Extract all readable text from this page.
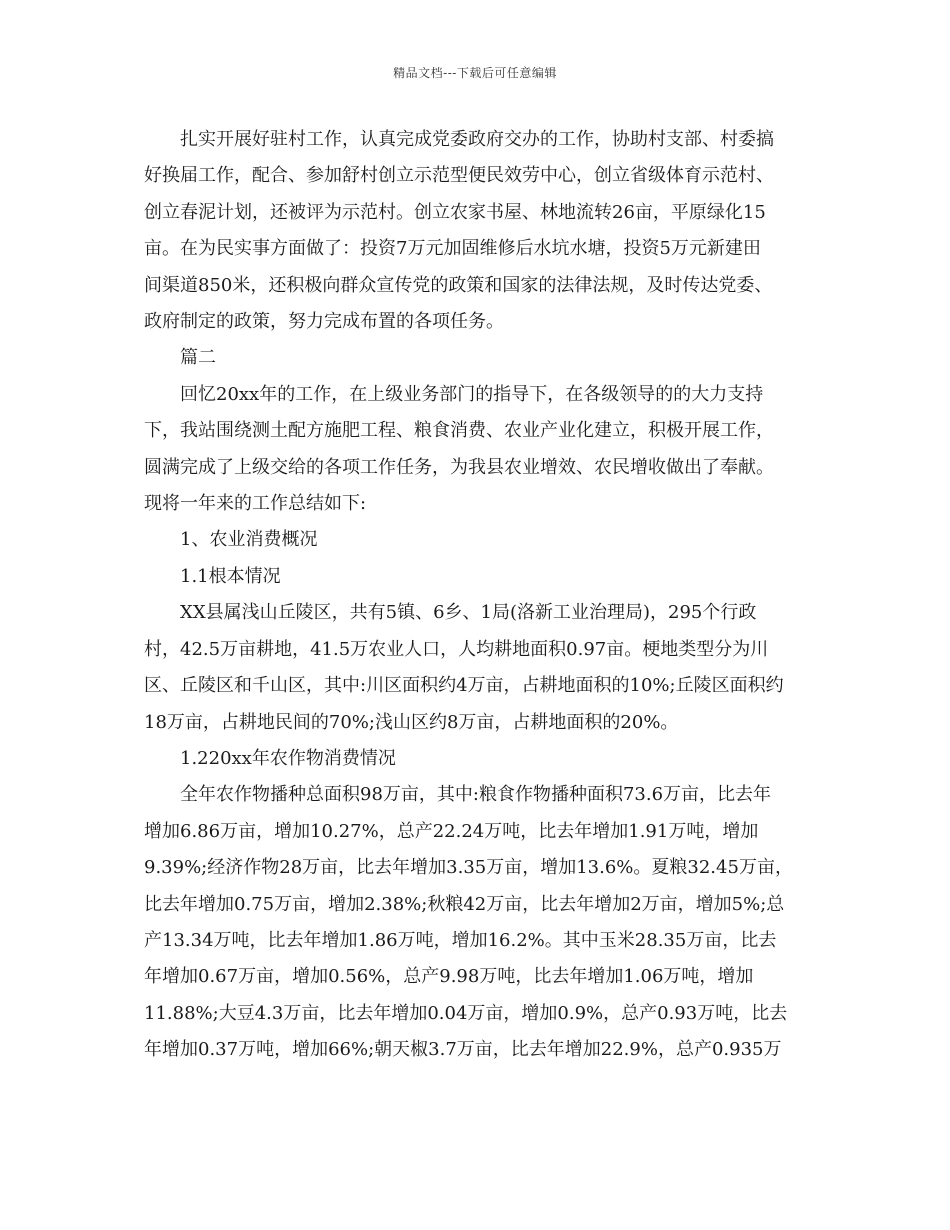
精品文档---下载后可任意编辑
扎实开展好驻村工作，认真完成党委政府交办的工作，协助村支部、村委搞
好换届工作，配合、参加舒村创立示范型便民效劳中心，创立省级体育示范村、
创立春泥计划，还被评为示范村。创立农家书屋、林地流转26亩，平原绿化15
亩。在为民实事方面做了：投资7万元加固维修后水坑水塘，投资5万元新建田
间渠道850米，还积极向群众宣传党的政策和国家的法律法规，及时传达党委、
政府制定的政策，努力完成布置的各项任务。
篇二
回忆20xx年的工作，在上级业务部门的指导下，在各级领导的的大力支持
下，我站围绕测土配方施肥工程、粮食消费、农业产业化建立，积极开展工作，
圆满完成了上级交给的各项工作任务，为我县农业增效、农民增收做出了奉献。
现将一年来的工作总结如下:
1、农业消费概况
1.1根本情况
XX县属浅山丘陵区，共有5镇、6乡、1局(洛新工业治理局)，295个行政
村，42.5万亩耕地，41.5万农业人口，人均耕地面积0.97亩。梗地类型分为川
区、丘陵区和千山区，其中:川区面积约4万亩，占耕地面积的10%;丘陵区面积约
18万亩，占耕地民间的70%;浅山区约8万亩，占耕地面积的20%。
1.220xx年农作物消费情况
全年农作物播种总面积98万亩，其中:粮食作物播种面积73.6万亩，比去年
增加6.86万亩，增加10.27%，总产22.24万吨，比去年增加1.91万吨，增加
9.39%;经济作物28万亩，比去年增加3.35万亩，增加13.6%。夏粮32.45万亩，
比去年增加0.75万亩，增加2.38%;秋粮42万亩，比去年增加2万亩，增加5%;总
产13.34万吨，比去年增加1.86万吨，增加16.2%。其中玉米28.35万亩，比去
年增加0.67万亩，增加0.56%，总产9.98万吨，比去年增加1.06万吨，增加
11.88%;大豆4.3万亩，比去年增加0.04万亩，增加0.9%，总产0.93万吨，比去
年增加0.37万吨，增加66%;朝天椒3.7万亩，比去年增加22.9%，总产0.935万
